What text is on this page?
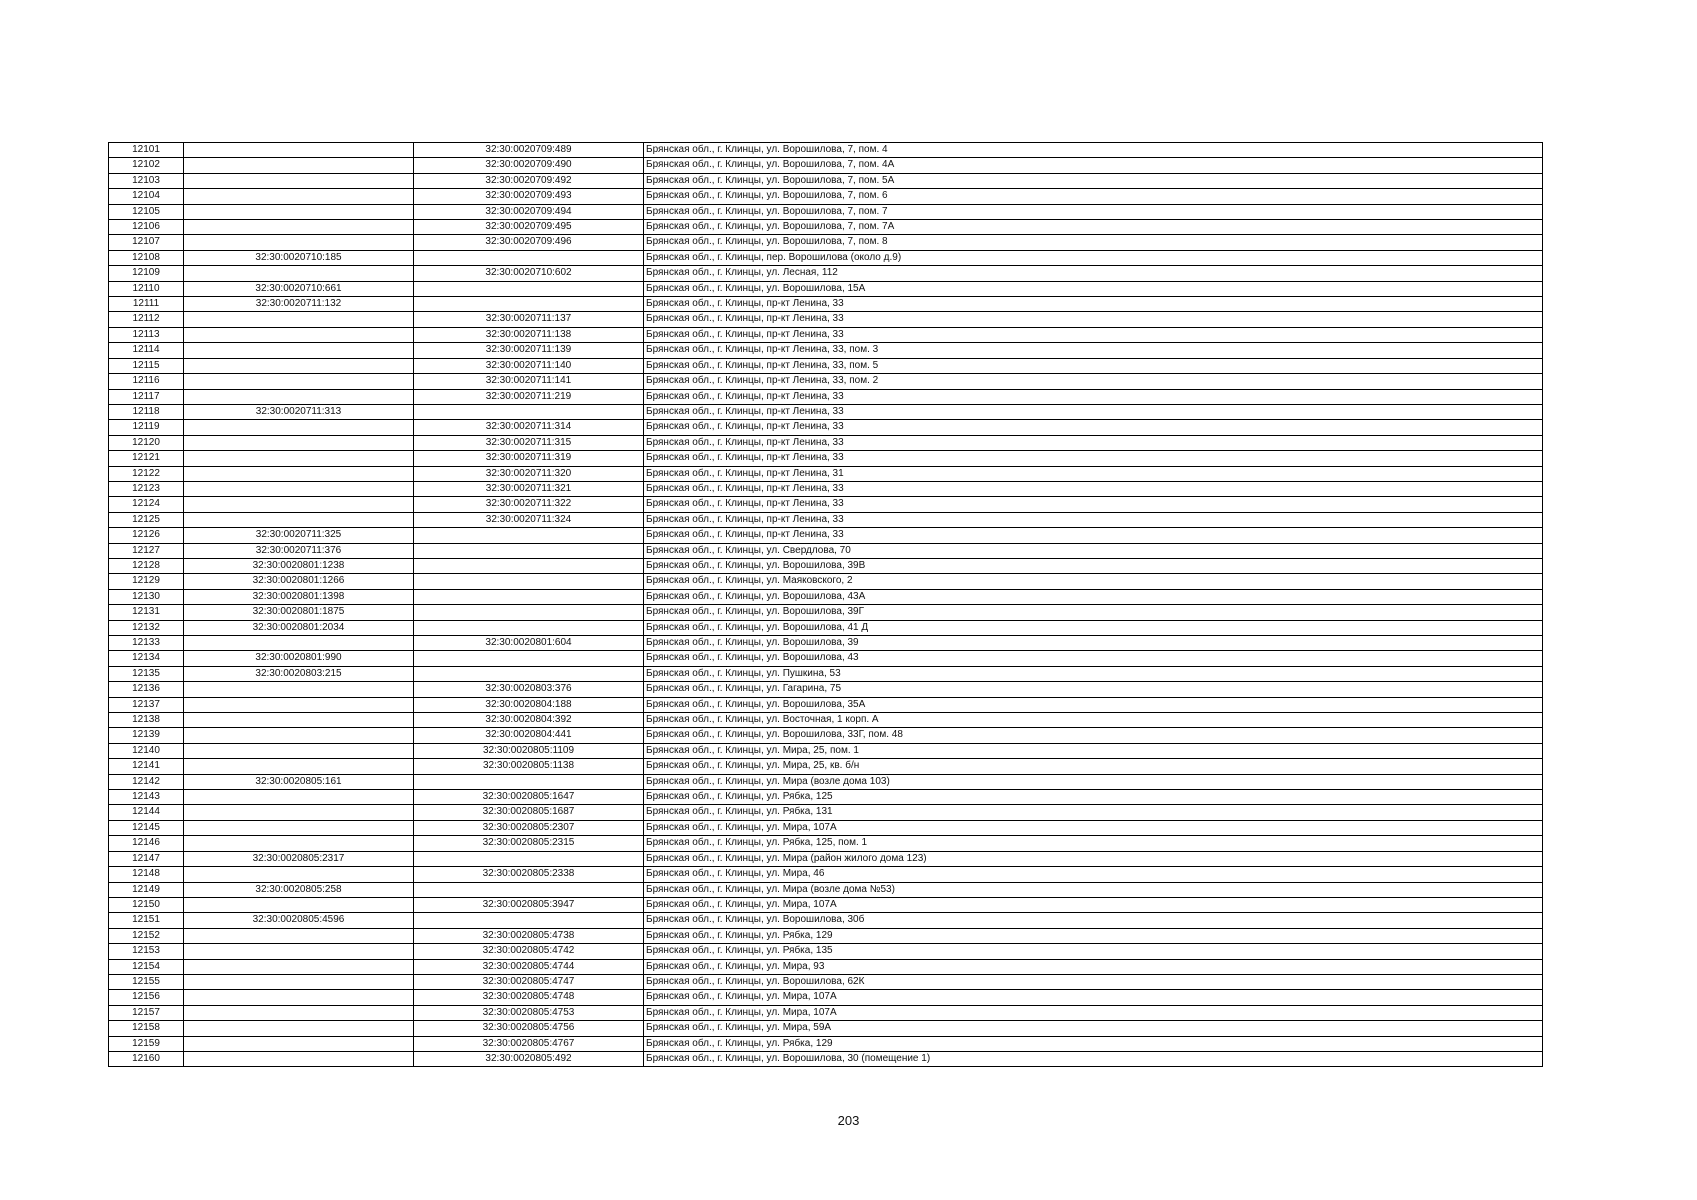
12101		32:30:0020709:489	Брянская обл., г. Клинцы, ул. Ворошилова, 7, пом. 4
12102		32:30:0020709:490	Брянская обл., г. Клинцы, ул. Ворошилова, 7, пом. 4А
12103		32:30:0020709:492	Брянская обл., г. Клинцы, ул. Ворошилова, 7, пом. 5А
12104		32:30:0020709:493	Брянская обл., г. Клинцы, ул. Ворошилова, 7, пом. 6
12105		32:30:0020709:494	Брянская обл., г. Клинцы, ул. Ворошилова, 7, пом. 7
12106		32:30:0020709:495	Брянская обл., г. Клинцы, ул. Ворошилова, 7, пом. 7А
12107		32:30:0020709:496	Брянская обл., г. Клинцы, ул. Ворошилова, 7, пом. 8
12108	32:30:0020710:185		Брянская обл., г. Клинцы, пер. Ворошилова (около д.9)
12109		32:30:0020710:602	Брянская обл., г. Клинцы, ул. Лесная, 112
12110	32:30:0020710:661		Брянская обл., г. Клинцы, ул. Ворошилова, 15А
12111	32:30:0020711:132		Брянская обл., г. Клинцы, пр-кт Ленина, 33
12112		32:30:0020711:137	Брянская обл., г. Клинцы, пр-кт Ленина, 33
12113		32:30:0020711:138	Брянская обл., г. Клинцы, пр-кт Ленина, 33
12114		32:30:0020711:139	Брянская обл., г. Клинцы, пр-кт Ленина, 33, пом. 3
12115		32:30:0020711:140	Брянская обл., г. Клинцы, пр-кт Ленина, 33, пом. 5
12116		32:30:0020711:141	Брянская обл., г. Клинцы, пр-кт Ленина, 33, пом. 2
12117		32:30:0020711:219	Брянская обл., г. Клинцы, пр-кт Ленина, 33
12118	32:30:0020711:313		Брянская обл., г. Клинцы, пр-кт Ленина, 33
12119		32:30:0020711:314	Брянская обл., г. Клинцы, пр-кт Ленина, 33
12120		32:30:0020711:315	Брянская обл., г. Клинцы, пр-кт Ленина, 33
12121		32:30:0020711:319	Брянская обл., г. Клинцы, пр-кт Ленина, 33
12122		32:30:0020711:320	Брянская обл., г. Клинцы, пр-кт Ленина, 31
12123		32:30:0020711:321	Брянская обл., г. Клинцы, пр-кт Ленина, 33
12124		32:30:0020711:322	Брянская обл., г. Клинцы, пр-кт Ленина, 33
12125		32:30:0020711:324	Брянская обл., г. Клинцы, пр-кт Ленина, 33
12126	32:30:0020711:325		Брянская обл., г. Клинцы, пр-кт Ленина, 33
12127	32:30:0020711:376		Брянская обл., г. Клинцы, ул. Свердлова, 70
12128	32:30:0020801:1238		Брянская обл., г. Клинцы, ул. Ворошилова, 39В
12129	32:30:0020801:1266		Брянская обл., г. Клинцы, ул. Маяковского, 2
12130	32:30:0020801:1398		Брянская обл., г. Клинцы, ул. Ворошилова, 43А
12131	32:30:0020801:1875		Брянская обл., г. Клинцы, ул. Ворошилова, 39Г
12132	32:30:0020801:2034		Брянская обл., г. Клинцы, ул. Ворошилова, 41 Д
12133		32:30:0020801:604	Брянская обл., г. Клинцы, ул. Ворошилова, 39
12134	32:30:0020801:990		Брянская обл., г. Клинцы, ул. Ворошилова, 43
12135	32:30:0020803:215		Брянская обл., г. Клинцы, ул. Пушкина, 53
12136		32:30:0020803:376	Брянская обл., г. Клинцы, ул. Гагарина, 75
12137		32:30:0020804:188	Брянская обл., г. Клинцы, ул. Ворошилова, 35А
12138		32:30:0020804:392	Брянская обл., г. Клинцы, ул. Восточная, 1 корп. А
12139		32:30:0020804:441	Брянская обл., г. Клинцы, ул. Ворошилова, 33Г, пом. 48
12140		32:30:0020805:1109	Брянская обл., г. Клинцы, ул. Мира, 25, пом. 1
12141		32:30:0020805:1138	Брянская обл., г. Клинцы, ул. Мира, 25, кв. б/н
12142	32:30:0020805:161		Брянская обл., г. Клинцы, ул. Мира (возле дома 103)
12143		32:30:0020805:1647	Брянская обл., г. Клинцы, ул. Рябка, 125
12144		32:30:0020805:1687	Брянская обл., г. Клинцы, ул. Рябка, 131
12145		32:30:0020805:2307	Брянская обл., г. Клинцы, ул. Мира, 107А
12146		32:30:0020805:2315	Брянская обл., г. Клинцы, ул. Рябка, 125, пом. 1
12147	32:30:0020805:2317		Брянская обл., г. Клинцы, ул. Мира (район жилого дома 123)
12148		32:30:0020805:2338	Брянская обл., г. Клинцы, ул. Мира, 46
12149	32:30:0020805:258		Брянская обл., г. Клинцы, ул. Мира (возле дома №53)
12150		32:30:0020805:3947	Брянская обл., г. Клинцы, ул. Мира, 107А
12151	32:30:0020805:4596		Брянская обл., г. Клинцы, ул. Ворошилова, 30б
12152		32:30:0020805:4738	Брянская обл., г. Клинцы, ул. Рябка, 129
12153		32:30:0020805:4742	Брянская обл., г. Клинцы, ул. Рябка, 135
12154		32:30:0020805:4744	Брянская обл., г. Клинцы, ул. Мира, 93
12155		32:30:0020805:4747	Брянская обл., г. Клинцы, ул. Ворошилова, 62К
12156		32:30:0020805:4748	Брянская обл., г. Клинцы, ул. Мира, 107А
12157		32:30:0020805:4753	Брянская обл., г. Клинцы, ул. Мира, 107А
12158		32:30:0020805:4756	Брянская обл., г. Клинцы, ул. Мира, 59А
12159		32:30:0020805:4767	Брянская обл., г. Клинцы, ул. Рябка, 129
12160		32:30:0020805:492	Брянская обл., г. Клинцы, ул. Ворошилова, 30 (помещение 1)
203
